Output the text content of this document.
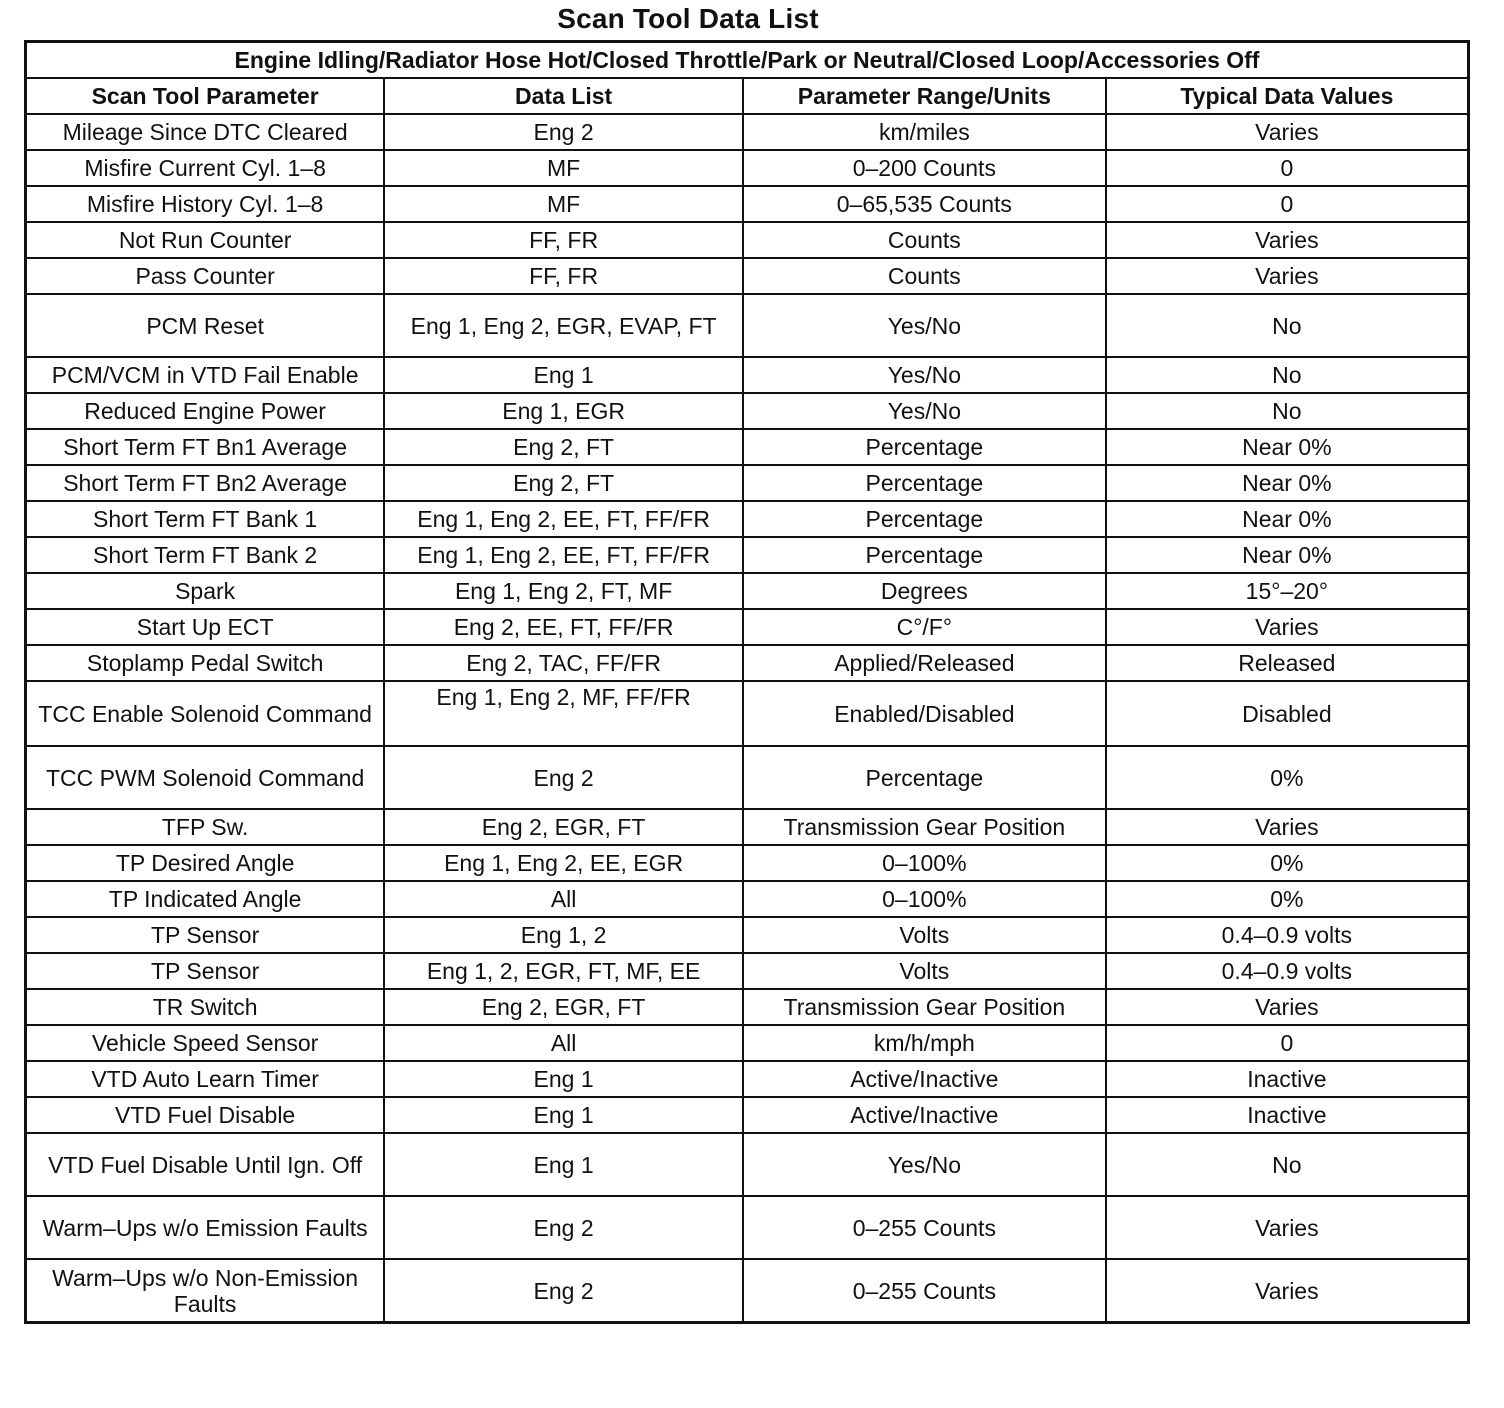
Scan Tool Data List
Engine Idling/Radiator Hose Hot/Closed Throttle/Park or Neutral/Closed Loop/Accessories Off			
Scan Tool Parameter	Data List	Parameter Range/Units	Typical Data Values
Mileage Since DTC Cleared	Eng 2	km/miles	Varies
Misfire Current Cyl. 1–8	MF	0–200 Counts	0
Misfire History Cyl. 1–8	MF	0–65,535 Counts	0
Not Run Counter	FF, FR	Counts	Varies
Pass Counter	FF, FR	Counts	Varies
PCM Reset	Eng 1, Eng 2, EGR, EVAP, FT	Yes/No	No
PCM/VCM in VTD Fail Enable	Eng 1	Yes/No	No
Reduced Engine Power	Eng 1, EGR	Yes/No	No
Short Term FT Bn1 Average	Eng 2, FT	Percentage	Near 0%
Short Term FT Bn2 Average	Eng 2, FT	Percentage	Near 0%
Short Term FT Bank 1	Eng 1, Eng 2, EE, FT, FF/FR	Percentage	Near 0%
Short Term FT Bank 2	Eng 1, Eng 2, EE, FT, FF/FR	Percentage	Near 0%
Spark	Eng 1, Eng 2, FT, MF	Degrees	15°–20°
Start Up ECT	Eng 2, EE, FT, FF/FR	C°/F°	Varies
Stoplamp Pedal Switch	Eng 2, TAC, FF/FR	Applied/Released	Released
TCC Enable Solenoid Command	Eng 1, Eng 2, MF, FF/FR	Enabled/Disabled	Disabled
TCC PWM Solenoid Command	Eng 2	Percentage	0%
TFP Sw.	Eng 2, EGR, FT	Transmission Gear Position	Varies
TP Desired Angle	Eng 1, Eng 2, EE, EGR	0–100%	0%
TP Indicated Angle	All	0–100%	0%
TP Sensor	Eng 1, 2	Volts	0.4–0.9 volts
TP Sensor	Eng 1, 2, EGR, FT, MF, EE	Volts	0.4–0.9 volts
TR Switch	Eng 2, EGR, FT	Transmission Gear Position	Varies
Vehicle Speed Sensor	All	km/h/mph	0
VTD Auto Learn Timer	Eng 1	Active/Inactive	Inactive
VTD Fuel Disable	Eng 1	Active/Inactive	Inactive
VTD Fuel Disable Until Ign. Off	Eng 1	Yes/No	No
Warm–Ups w/o Emission Faults	Eng 2	0–255 Counts	Varies
Warm–Ups w/o Non-Emission Faults	Eng 2	0–255 Counts	Varies
